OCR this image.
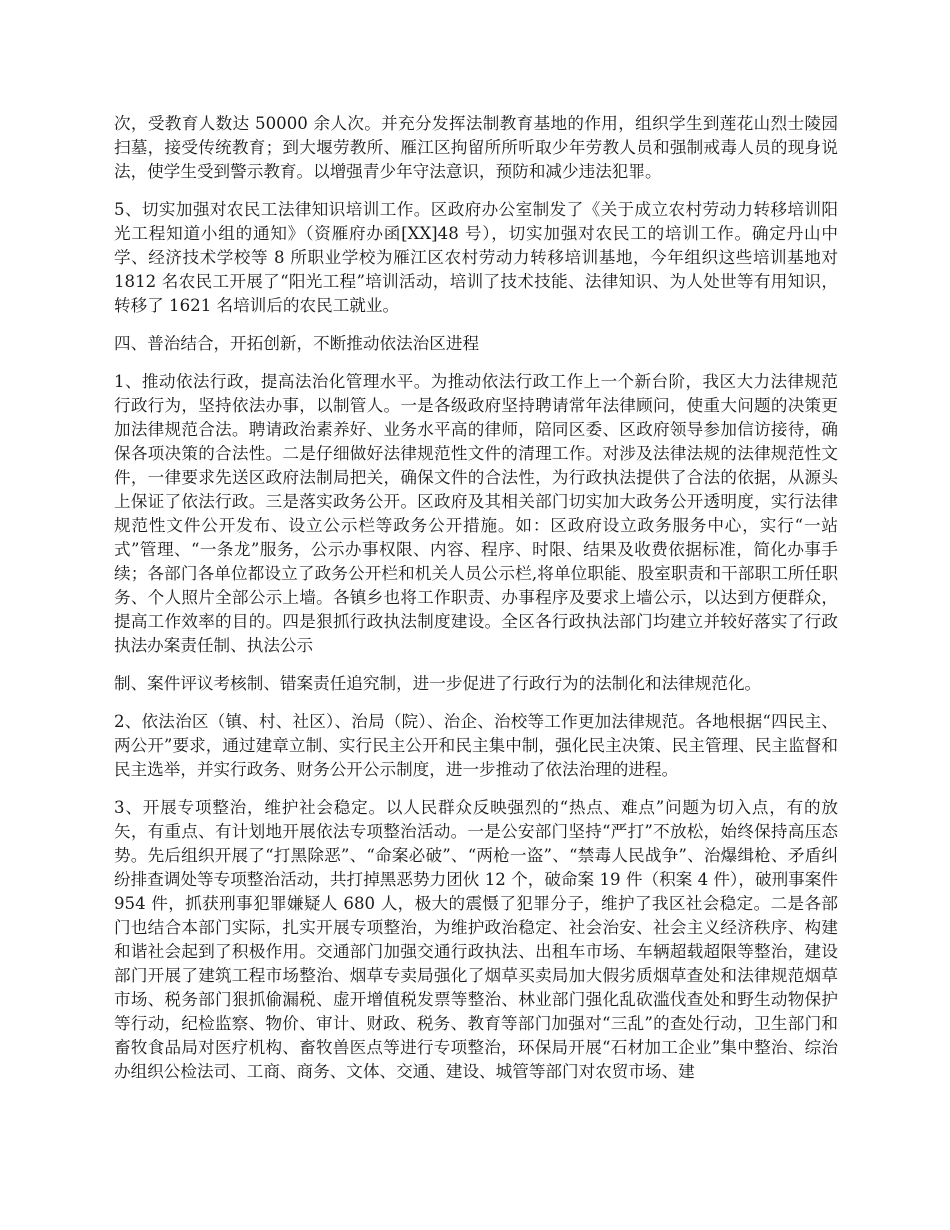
次，受教育人数达 50000 余人次。并充分发挥法制教育基地的作用，组织学生到莲花山烈士陵园扫墓，接受传统教育；到大堰劳教所、雁江区拘留所所听取少年劳教人员和强制戒毒人员的现身说法，使学生受到警示教育。以增强青少年守法意识，预防和减少违法犯罪。

5、切实加强对农民工法律知识培训工作。区政府办公室制发了《关于成立农村劳动力转移培训阳光工程知道小组的通知》（资雁府办函[XX]48 号），切实加强对农民工的培训工作。确定丹山中学、经济技术学校等 8 所职业学校为雁江区农村劳动力转移培训基地，今年组织这些培训基地对 1812 名农民工开展了“阳光工程”培训活动，培训了技术技能、法律知识、为人处世等有用知识，转移了 1621 名培训后的农民工就业。

四、普治结合，开拓创新，不断推动依法治区进程

1、推动依法行政，提高法治化管理水平。为推动依法行政工作上一个新台阶，我区大力法律规范行政行为，坚持依法办事，以制管人。一是各级政府坚持聘请常年法律顾问，使重大问题的决策更加法律规范合法。聘请政治素养好、业务水平高的律师，陪同区委、区政府领导参加信访接待，确保各项决策的合法性。二是仔细做好法律规范性文件的清理工作。对涉及法律法规的法律规范性文件，一律要求先送区政府法制局把关，确保文件的合法性，为行政执法提供了合法的依据，从源头上保证了依法行政。三是落实政务公开。区政府及其相关部门切实加大政务公开透明度，实行法律规范性文件公开发布、设立公示栏等政务公开措施。如：区政府设立政务服务中心，实行“一站式”管理、“一条龙”服务，公示办事权限、内容、程序、时限、结果及收费依据标准，简化办事手续；各部门各单位都设立了政务公开栏和机关人员公示栏,将单位职能、股室职责和干部职工所任职务、个人照片全部公示上墙。各镇乡也将工作职责、办事程序及要求上墙公示，以达到方便群众，提高工作效率的目的。四是狠抓行政执法制度建设。全区各行政执法部门均建立并较好落实了行政执法办案责任制、执法公示

制、案件评议考核制、错案责任追究制，进一步促进了行政行为的法制化和法律规范化。

2、依法治区（镇、村、社区）、治局（院）、治企、治校等工作更加法律规范。各地根据“四民主、两公开”要求，通过建章立制、实行民主公开和民主集中制，强化民主决策、民主管理、民主监督和民主选举，并实行政务、财务公开公示制度，进一步推动了依法治理的进程。

3、开展专项整治，维护社会稳定。以人民群众反映强烈的“热点、难点”问题为切入点，有的放矢，有重点、有计划地开展依法专项整治活动。一是公安部门坚持“严打”不放松，始终保持高压态势。先后组织开展了“打黑除恶”、“命案必破”、“两枪一盗”、“禁毒人民战争”、治爆缉枪、矛盾纠纷排查调处等专项整治活动，共打掉黑恶势力团伙 12 个，破命案 19 件（积案 4 件），破刑事案件 954 件，抓获刑事犯罪嫌疑人 680 人，极大的震慑了犯罪分子，维护了我区社会稳定。二是各部门也结合本部门实际，扎实开展专项整治，为维护政治稳定、社会治安、社会主义经济秩序、构建和谐社会起到了积极作用。交通部门加强交通行政执法、出租车市场、车辆超载超限等整治，建设部门开展了建筑工程市场整治、烟草专卖局强化了烟草买卖局加大假劣质烟草查处和法律规范烟草市场、税务部门狠抓偷漏税、虚开增值税发票等整治、林业部门强化乱砍滥伐查处和野生动物保护等行动，纪检监察、物价、审计、财政、税务、教育等部门加强对“三乱”的查处行动，卫生部门和畜牧食品局对医疗机构、畜牧兽医点等进行专项整治，环保局开展“石材加工企业”集中整治、综治办组织公检法司、工商、商务、文体、交通、建设、城管等部门对农贸市场、建
